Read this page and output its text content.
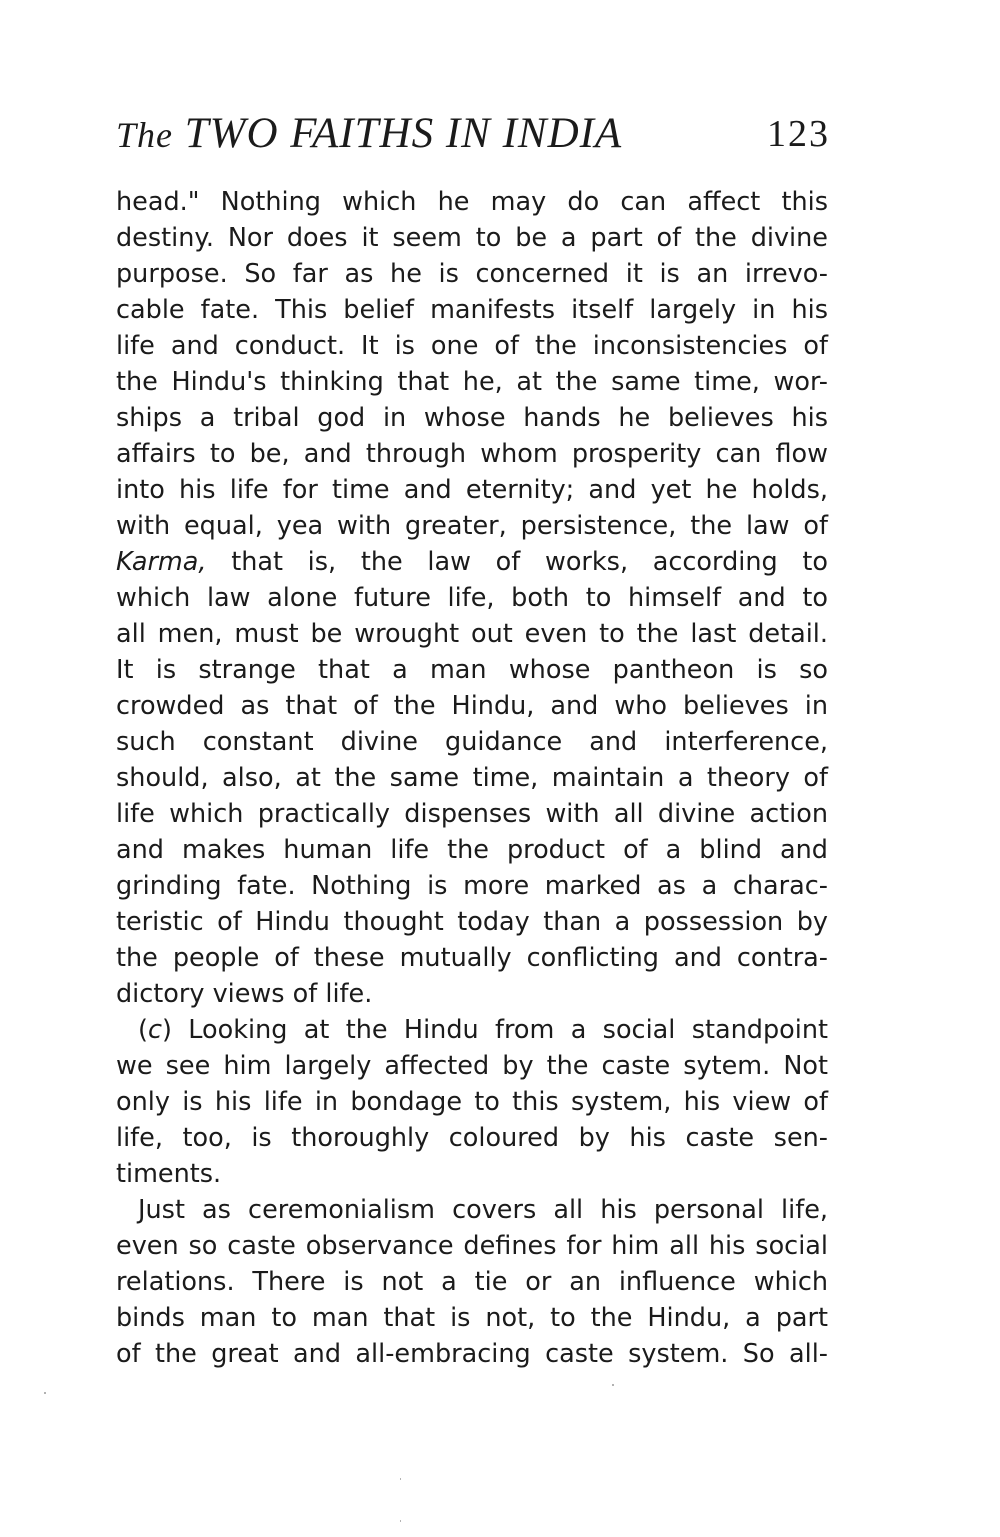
The TWO FAITHS IN INDIA	123
head." Nothing which he may do can affect this
destiny. Nor does it seem to be a part of the divine
purpose. So far as he is concerned it is an irrevo-
cable fate. This belief manifests itself largely in his
life and conduct. It is one of the inconsistencies of
the Hindu's thinking that he, at the same time, wor-
ships a tribal god in whose hands he believes his
affairs to be, and through whom prosperity can flow
into his life for time and eternity; and yet he holds,
with equal, yea with greater, persistence, the law of
Karma, that is, the law of works, according to
which law alone future life, both to himself and to
all men, must be wrought out even to the last detail.
It is strange that a man whose pantheon is so
crowded as that of the Hindu, and who believes in
such constant divine guidance and interference,
should, also, at the same time, maintain a theory of
life which practically dispenses with all divine action
and makes human life the product of a blind and
grinding fate. Nothing is more marked as a charac-
teristic of Hindu thought today than a possession by
the people of these mutually conflicting and contra-
dictory views of life.
(c) Looking at the Hindu from a social standpoint
we see him largely affected by the caste sytem. Not
only is his life in bondage to this system, his view of
life, too, is thoroughly coloured by his caste sen-
timents.
Just as ceremonialism covers all his personal life,
even so caste observance defines for him all his social
relations. There is not a tie or an influence which
binds man to man that is not, to the Hindu, a part
of the great and all-embracing caste system. So all-
